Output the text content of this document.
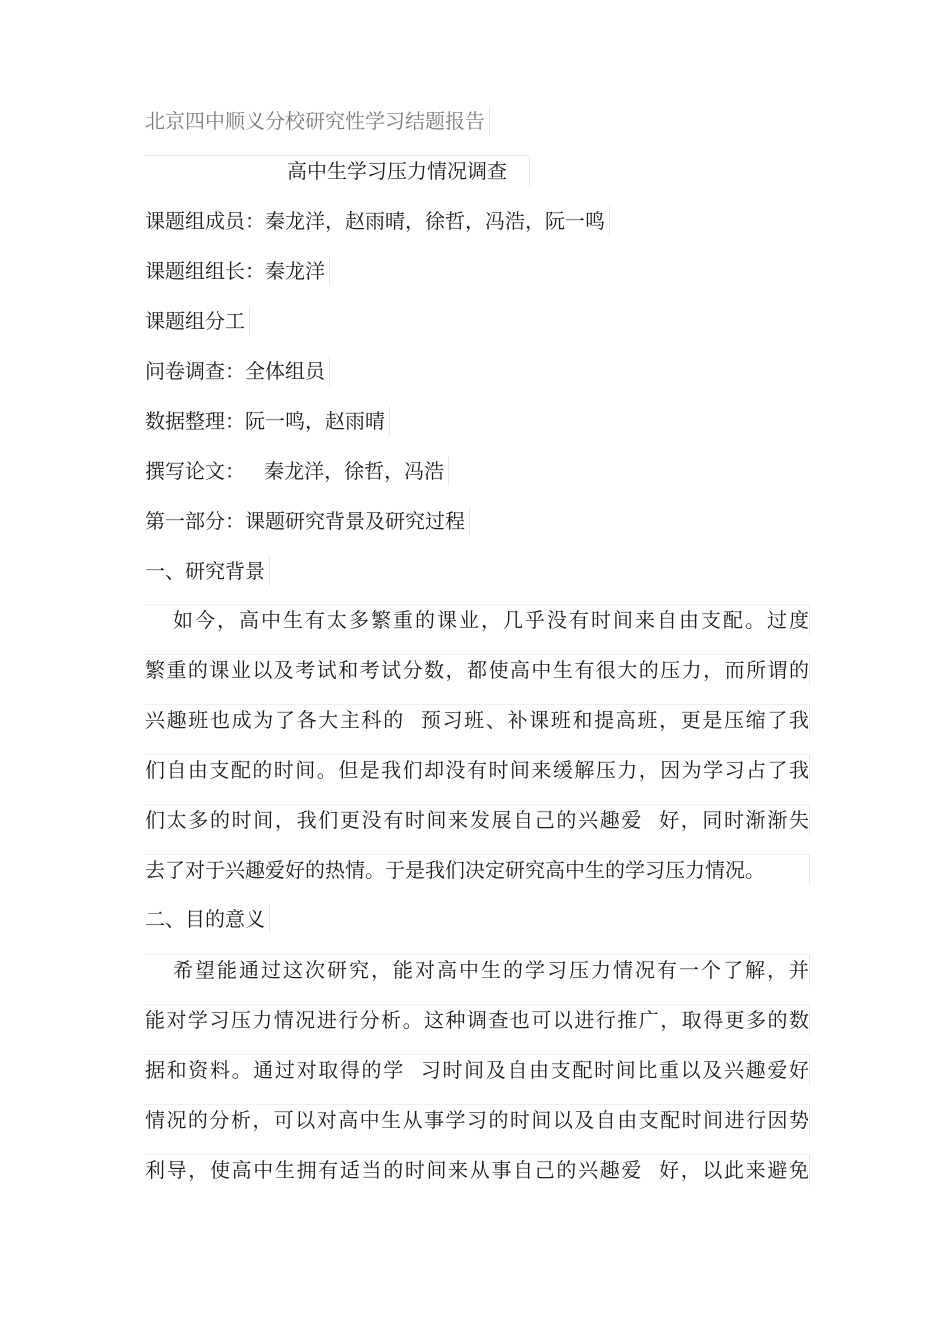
北京四中顺义分校研究性学习结题报告
高中生学习压力情况调查
课题组成员：秦龙洋，赵雨晴，徐哲，冯浩，阮一鸣
课题组组长：秦龙洋
课题组分工
问卷调查：全体组员
数据整理：阮一鸣，赵雨晴
撰写论文：   秦龙洋，徐哲，冯浩
第一部分：课题研究背景及研究过程
一、研究背景
如今，高中生有太多繁重的课业，几乎没有时间来自由支配。过度
繁重的课业以及考试和考试分数，都使高中生有很大的压力，而所谓的
兴趣班也成为了各大主科的  预习班、补课班和提高班，更是压缩了我
们自由支配的时间。但是我们却没有时间来缓解压力，因为学习占了我
们太多的时间，我们更没有时间来发展自己的兴趣爱  好，同时渐渐失
去了对于兴趣爱好的热情。于是我们决定研究高中生的学习压力情况。
二、目的意义
希望能通过这次研究，能对高中生的学习压力情况有一个了解，并
能对学习压力情况进行分析。这种调查也可以进行推广，取得更多的数
据和资料。通过对取得的学  习时间及自由支配时间比重以及兴趣爱好
情况的分析，可以对高中生从事学习的时间以及自由支配时间进行因势
利导，使高中生拥有适当的时间来从事自己的兴趣爱  好，以此来避免
